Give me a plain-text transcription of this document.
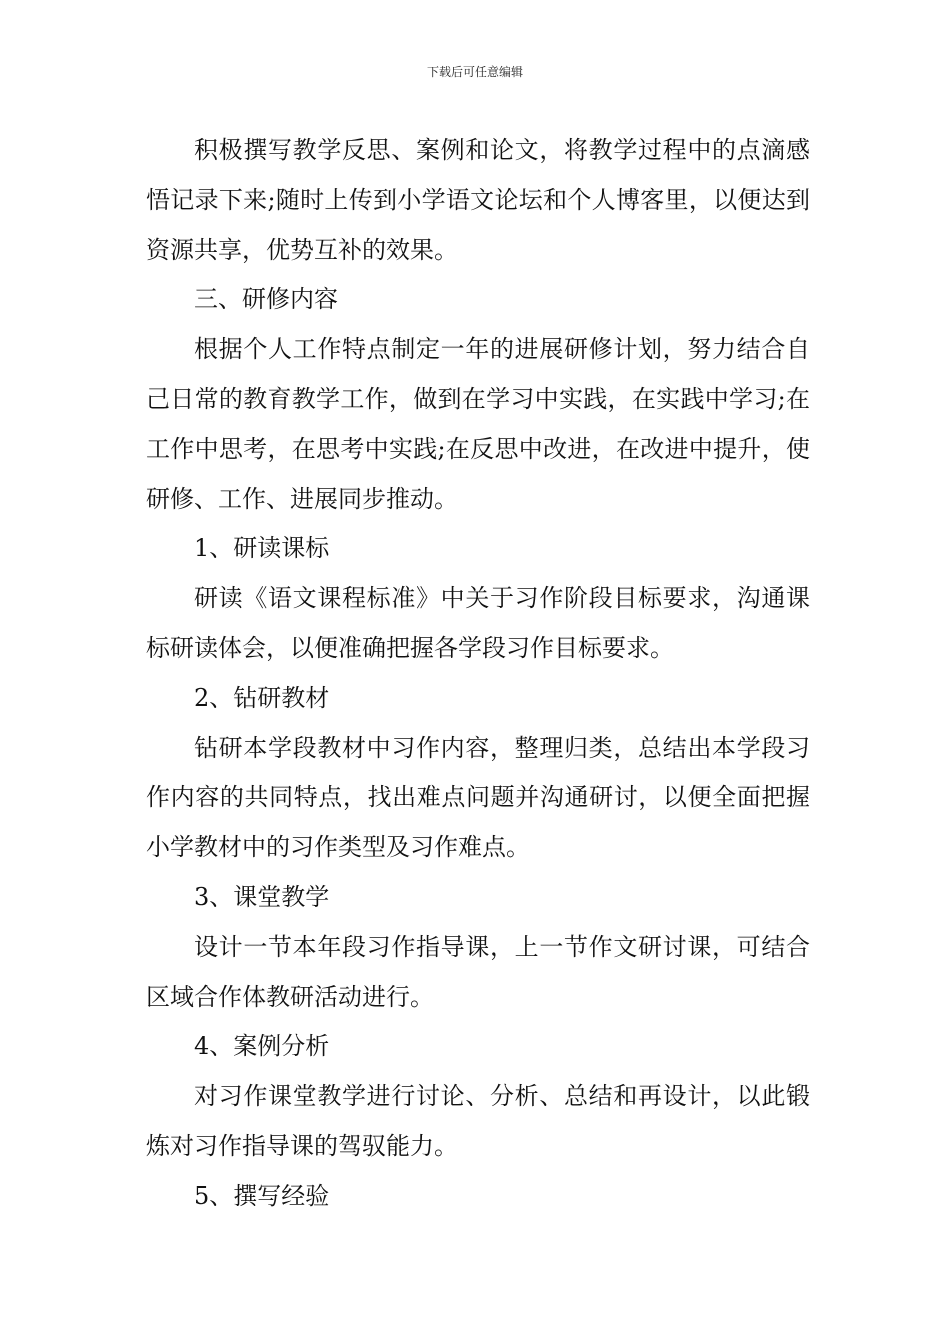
下载后可任意编辑

积极撰写教学反思、案例和论文，将教学过程中的点滴感悟记录下来;随时上传到小学语文论坛和个人博客里，以便达到资源共享，优势互补的效果。

三、研修内容

根据个人工作特点制定一年的进展研修计划，努力结合自己日常的教育教学工作，做到在学习中实践，在实践中学习;在工作中思考，在思考中实践;在反思中改进，在改进中提升，使研修、工作、进展同步推动。

1、研读课标

研读《语文课程标准》中关于习作阶段目标要求，沟通课标研读体会，以便准确把握各学段习作目标要求。

2、钻研教材

钻研本学段教材中习作内容，整理归类，总结出本学段习作内容的共同特点，找出难点问题并沟通研讨，以便全面把握小学教材中的习作类型及习作难点。

3、课堂教学

设计一节本年段习作指导课，上一节作文研讨课，可结合区域合作体教研活动进行。

4、案例分析

对习作课堂教学进行讨论、分析、总结和再设计，以此锻炼对习作指导课的驾驭能力。

5、撰写经验
